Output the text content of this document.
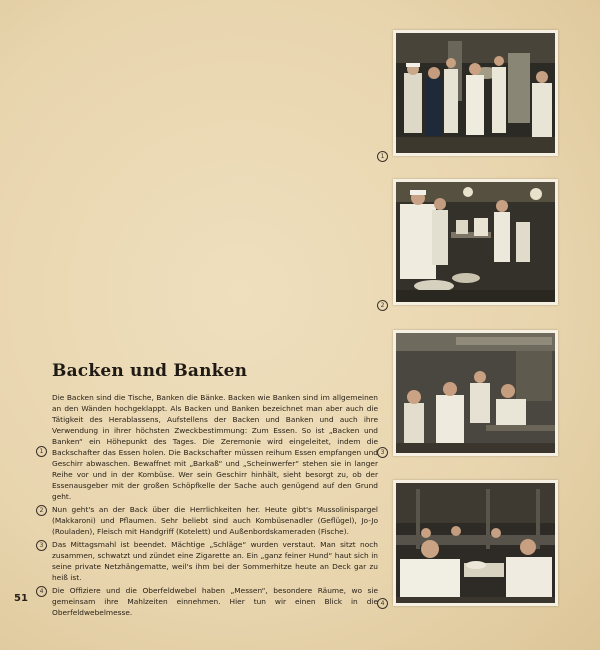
1
2
3
4
Backen und Banken

1
Die Backen sind die Tische, Banken die Bänke. Backen wie Banken sind im allgemeinen an den Wänden hochgeklappt. Als Backen und Banken bezeichnet man aber auch die Tätigkeit des Herablassens, Aufstellens der Backen und Banken und auch ihre Verwendung in ihrer höchsten Zweckbestimmung: Zum Essen. So ist „Backen und Banken“ ein Höhepunkt des Tages. Die Zeremonie wird eingeleitet, indem die Backschafter das Essen holen. Die Backschafter müssen reihum Essen empfangen und Geschirr abwaschen. Bewaffnet mit „Barkaß“ und „Scheinwerfer“ stehen sie in langer Reihe vor und in der Kombüse. Wer sein Geschirr hinhält, sieht besorgt zu, ob der Essenausgeber mit der großen Schöpfkelle der Sache auch genügend auf den Grund geht.

2	Nun geht's an der Back über die Herrlichkeiten her. Heute gibt's Mussolinispargel (Makkaroni) und Pflaumen. Sehr beliebt sind auch Kombüsenadler (Geflügel), Jo-Jo (Rouladen), Fleisch mit Handgriff (Kotelett) und Außenbordskameraden (Fische).

3	Das Mittagsmahl ist beendet. Mächtige „Schläge“ wurden verstaut. Man sitzt noch zusammen, schwatzt und zündet eine Zigarette an. Ein „ganz feiner Hund“ haut sich in seine private Netzhängematte, weil's ihm bei der Sommerhitze heute an Deck gar zu heiß ist.

4	Die Offiziere und die Oberfeldwebel haben „Messen“, besondere Räume, wo sie gemeinsam ihre Mahlzeiten einnehmen. Hier tun wir einen Blick in die Oberfeldwebelmesse.

51
